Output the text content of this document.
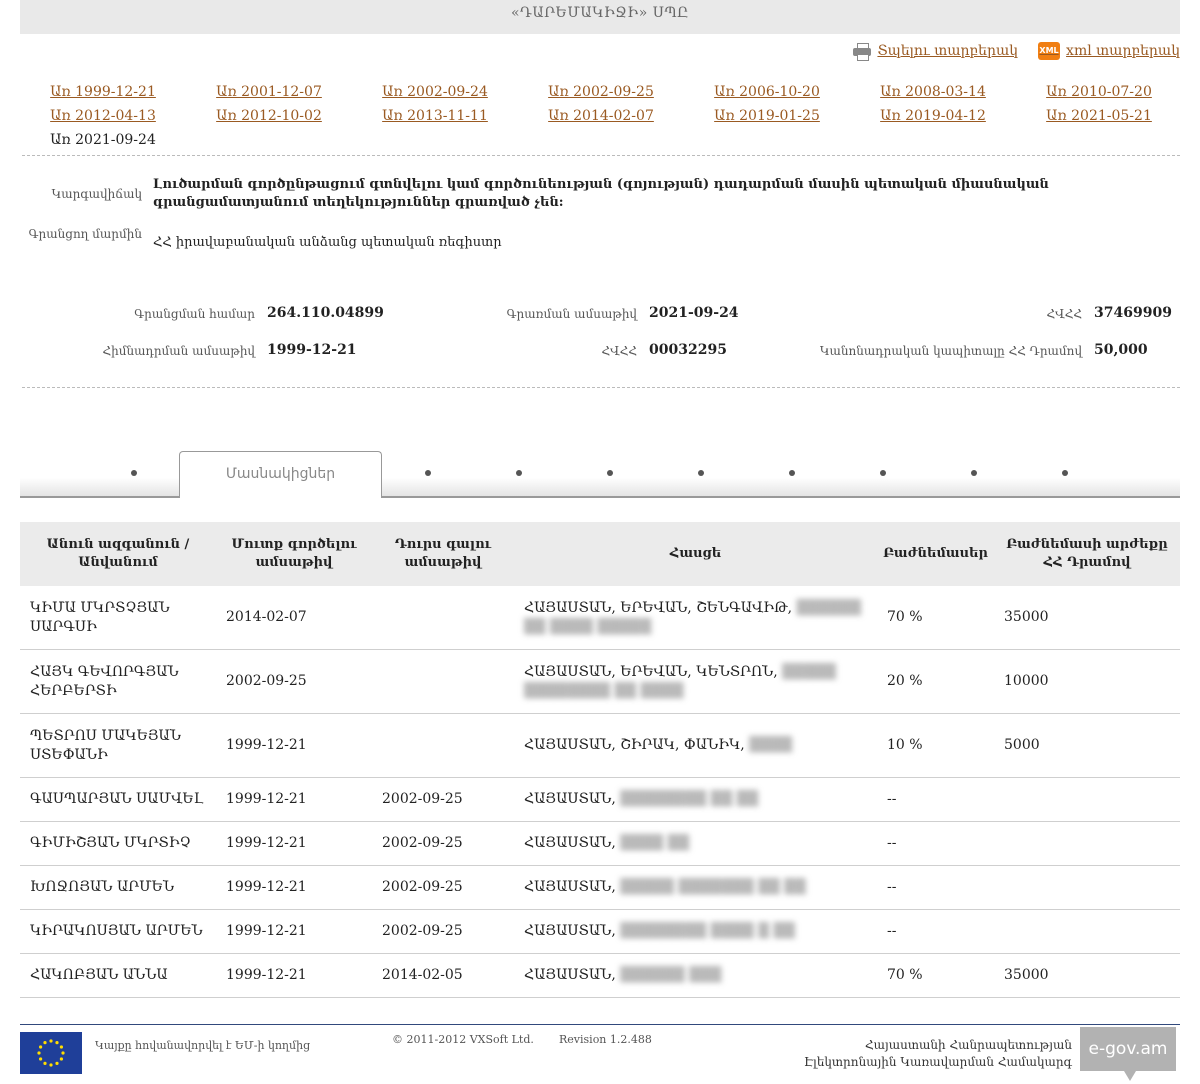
«ԴԱՐԵՄԱԿԻՋԻ» ՍՊԸ
Տպելու տարբերակ	XML xml տարբերակ
Առ 1999-12-21	Առ 2001-12-07	Առ 2002-09-24	Առ 2002-09-25	Առ 2006-10-20	Առ 2008-03-14	Առ 2010-07-20
Առ 2012-04-13	Առ 2012-10-02	Առ 2013-11-11	Առ 2014-02-07	Առ 2019-01-25	Առ 2019-04-12	Առ 2021-05-21
Առ 2021-09-24
Կարգավիճակ
Լուծարման գործընթացում գտնվելու կամ գործունեության (գոյության) դադարման մասին պետական միասնական գրանցամատյանում տեղեկություններ գրառված չեն:
Գրանցող մարմին
ՀՀ իրավաբանական անձանց պետական ռեգիստր
Գրանցման համար 264.110.04899	Գրառման ամսաթիվ 2021-09-24	ՀՎՀՀ 37469909
Հիմնադրման ամսաթիվ 1999-12-21	ՀՎՀՀ 00032295	Կանոնադրական կապիտալը ՀՀ Դրամով 50,000
Մասնակիցներ
Անուն ազգանուն / Անվանում	Մուտք գործելու ամսաթիվ	Դուրս գալու ամսաթիվ	Հասցե	Բաժնեմասեր	Բաժնեմասի արժեքը ՀՀ Դրամով
ԿԻՄԱ ՄԿՐՏՉՅԱՆ ՍԱՐԳՍԻ	2014-02-07		ՀԱՅԱՍՏԱՆ, ԵՐԵՎԱՆ, ՇԵՆԳԱՎԻԹ, ▒▒▒▒▒▒ ▒▒ ▒▒▒▒ ▒▒▒▒▒	70 %	35000
ՀԱՅԿ ԳԵՎՈՐԳՅԱՆ ՀԵՐԲԵՐՏԻ	2002-09-25		ՀԱՅԱՍՏԱՆ, ԵՐԵՎԱՆ, ԿԵՆՏՐՈՆ, ▒▒▒▒▒ ▒▒▒▒▒▒▒▒ ▒▒ ▒▒▒▒	20 %	10000
ՊԵՏՐՈՍ ՄԱԿԵՅԱՆ ՍՏԵՓԱՆԻ	1999-12-21		ՀԱՅԱՍՏԱՆ, ՇԻՐԱԿ, ՓԱՆԻԿ, ▒▒▒▒	10 %	5000
ԳԱՍՊԱՐՅԱՆ ՍԱՄՎԵԼ	1999-12-21	2002-09-25	ՀԱՅԱՍՏԱՆ, ▒▒▒▒▒▒▒▒ ▒▒ ▒▒	--	
ԳԻՄԻՇՅԱՆ ՄԿՐՏԻՉ	1999-12-21	2002-09-25	ՀԱՅԱՍՏԱՆ, ▒▒▒▒ ▒▒	--	
ԽՈՋՈՅԱՆ ԱՐՄԵՆ	1999-12-21	2002-09-25	ՀԱՅԱՍՏԱՆ, ▒▒▒▒▒ ▒▒▒▒▒▒▒ ▒▒ ▒▒	--	
ԿԻՐԱԿՈՍՅԱՆ ԱՐՄԵՆ	1999-12-21	2002-09-25	ՀԱՅԱՍՏԱՆ, ▒▒▒▒▒▒▒▒ ▒▒▒▒ ▒ ▒▒	--	
ՀԱԿՈԲՅԱՆ ԱՆՆԱ	1999-12-21	2014-02-05	ՀԱՅԱՍՏԱՆ, ▒▒▒▒▒▒ ▒▒▒	70 %	35000
Կայքը հովանավորվել է ԵՄ-ի կողմից	© 2011-2012 VXSoft Ltd. Revision 1.2.488	Հայաստանի Հանրապետության
Էլեկտրոնային Կառավարման Համակարգ
e-gov.am
